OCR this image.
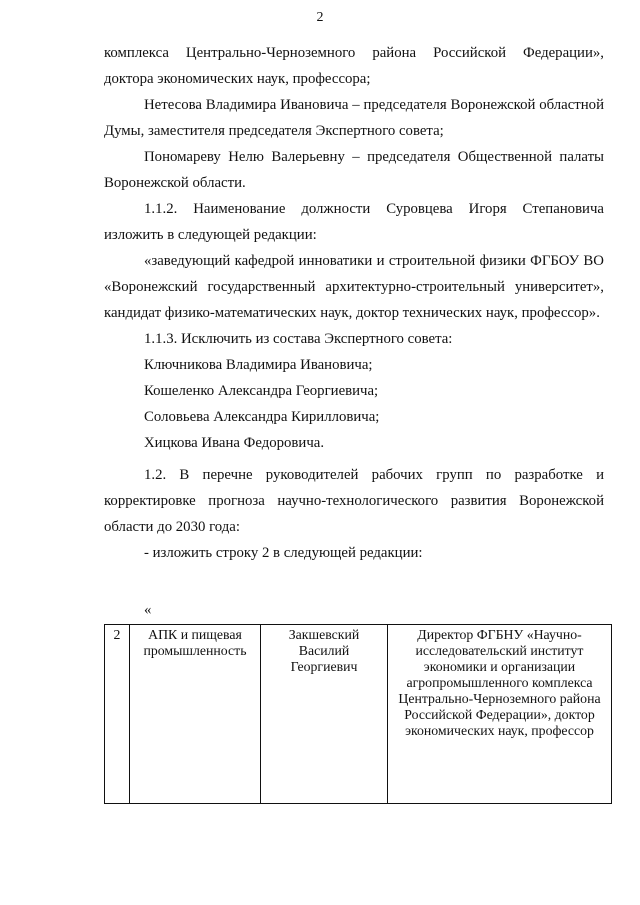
2

комплекса Центрально-Черноземного района Российской Федерации», доктора экономических наук, профессора;

Нетесова Владимира Ивановича – председателя Воронежской областной Думы, заместителя председателя Экспертного совета;

Пономареву Нелю Валерьевну – председателя Общественной палаты Воронежской области.

1.1.2. Наименование должности Суровцева Игоря Степановича изложить в следующей редакции:

«заведующий кафедрой инноватики и строительной физики ФГБОУ ВО «Воронежский государственный архитектурно-строительный университет», кандидат физико-математических наук, доктор технических наук, профессор».

1.1.3. Исключить из состава Экспертного совета:

Ключникова Владимира Ивановича;

Кошеленко Александра Георгиевича;

Соловьева Александра Кирилловича;

Хицкова Ивана Федоровича.

1.2. В перечне руководителей рабочих групп по разработке и корректировке прогноза научно-технологического развития Воронежской области до 2030 года:

- изложить строку 2 в следующей редакции:

«
2	АПК и пищевая промышленность	Закшевский Василий Георгиевич	Директор ФГБНУ «Научно-исследовательский институт экономики и организации агропромышленного комплекса Центрально-Черноземного района Российской Федерации», доктор экономических наук, профессор
